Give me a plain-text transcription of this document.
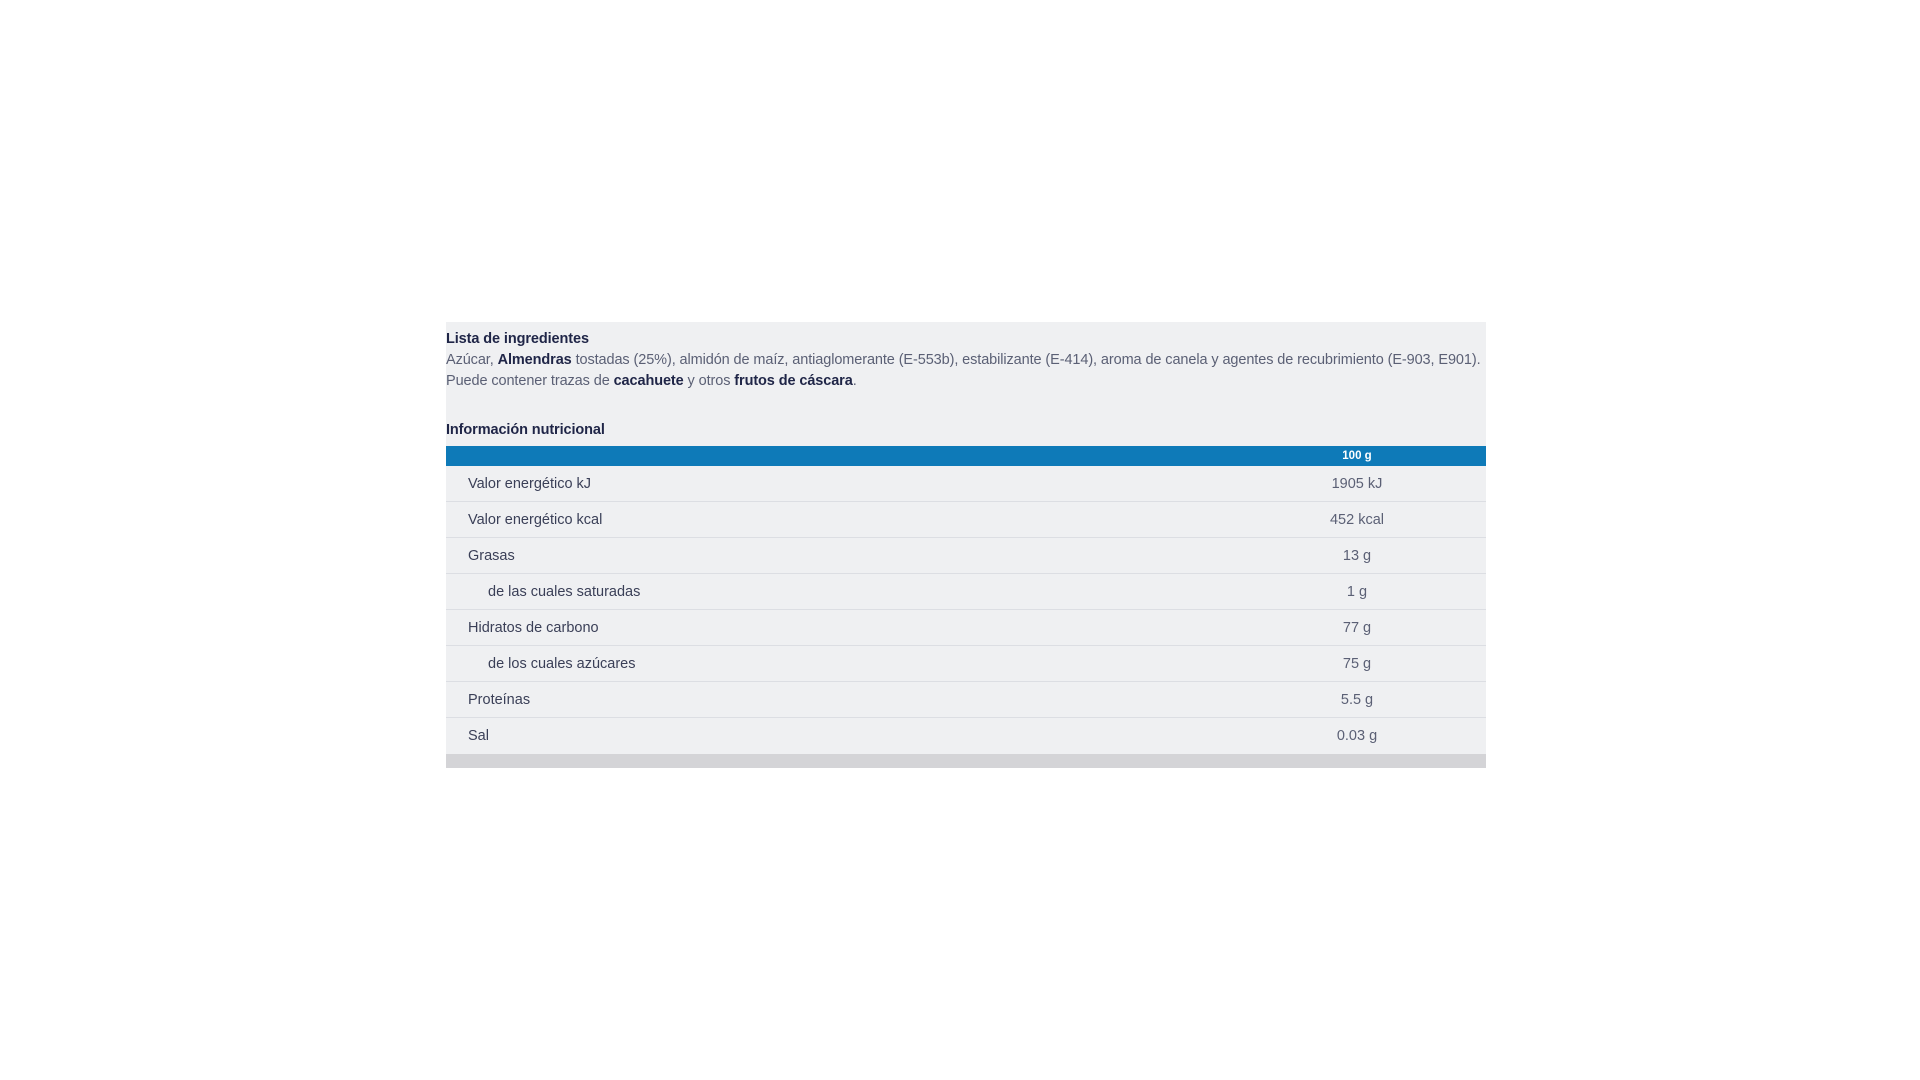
Lista de ingredientes
Azúcar, Almendras tostadas (25%), almidón de maíz, antiaglomerante (E-553b), estabilizante (E-414), aroma de canela y agentes de recubrimiento (E-903, E901). Puede contener trazas de cacahuete y otros frutos de cáscara.
Información nutricional
100 g
Valor energético kJ	1905 kJ
Valor energético kcal	452 kcal
Grasas	13 g
de las cuales saturadas	1 g
Hidratos de carbono	77 g
de los cuales azúcares	75 g
Proteínas	5.5 g
Sal	0.03 g
